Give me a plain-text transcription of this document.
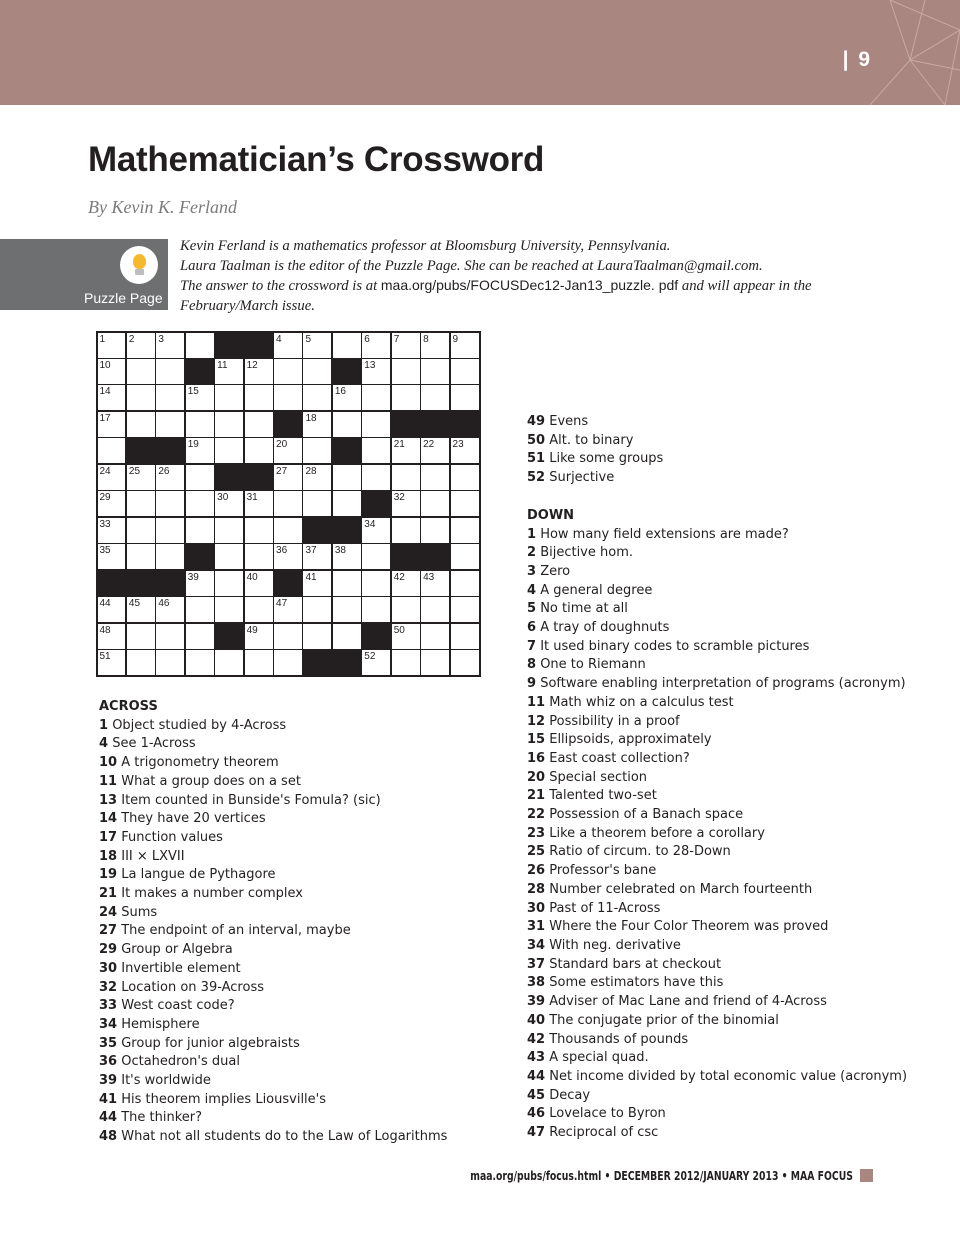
| 9
Mathematician’s Crossword
By Kevin K. Ferland
Puzzle Page
Kevin Ferland is a mathematics professor at Bloomsburg University, Pennsylvania.
Laura Taalman is the editor of the Puzzle Page. She can be reached at LauraTaalman@gmail.com.
The answer to the crossword is at maa.org/pubs/FOCUSDec12-Jan13_puzzle. pdf and will appear in the
February/March issue.
1 2 3	4 5	6 7 8 9
10	11 12	13
14	15	16
17	18
19	20	21 22 23
24 25 26	27 28
29	30 31	32
33	34
35	36 37 38
39	40	41	42 43
44 45 46	47
48	49	50
51	52
ACROSS
1 Object studied by 4-Across
4 See 1-Across
10 A trigonometry theorem
11 What a group does on a set
13 Item counted in Bunside's Fomula? (sic)
14 They have 20 vertices
17 Function values
18 III × LXVII
19 La langue de Pythagore
21 It makes a number complex
24 Sums
27 The endpoint of an interval, maybe
29 Group or Algebra
30 Invertible element
32 Location on 39-Across
33 West coast code?
34 Hemisphere
35 Group for junior algebraists
36 Octahedron's dual
39 It's worldwide
41 His theorem implies Liousville's
44 The thinker?
48 What not all students do to the Law of Logarithms
49 Evens
50 Alt. to binary
51 Like some groups
52 Surjective
DOWN
1 How many field extensions are made?
2 Bijective hom.
3 Zero
4 A general degree
5 No time at all
6 A tray of doughnuts
7 It used binary codes to scramble pictures
8 One to Riemann
9 Software enabling interpretation of programs (acronym)
11 Math whiz on a calculus test
12 Possibility in a proof
15 Ellipsoids, approximately
16 East coast collection?
20 Special section
21 Talented two-set
22 Possession of a Banach space
23 Like a theorem before a corollary
25 Ratio of circum. to 28-Down
26 Professor's bane
28 Number celebrated on March fourteenth
30 Past of 11-Across
31 Where the Four Color Theorem was proved
34 With neg. derivative
37 Standard bars at checkout
38 Some estimators have this
39 Adviser of Mac Lane and friend of 4-Across
40 The conjugate prior of the binomial
42 Thousands of pounds
43 A special quad.
44 Net income divided by total economic value (acronym)
45 Decay
46 Lovelace to Byron
47 Reciprocal of csc
maa.org/pubs/focus.html • DECEMBER 2012/JANUARY 2013 • MAA FOCUS
